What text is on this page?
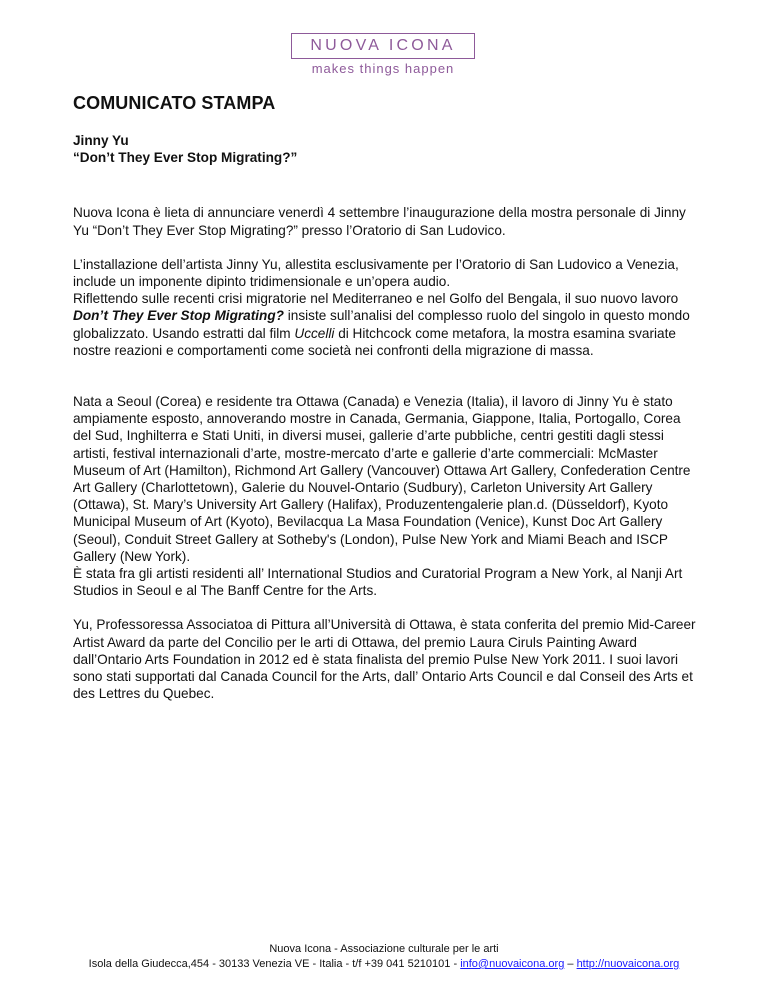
NUOVA ICONA
makes things happen
COMUNICATO STAMPA
Jinny Yu
“Don’t They Ever Stop Migrating?”

Nuova Icona è lieta di annunciare venerdì 4 settembre l’inaugurazione della mostra personale di Jinny Yu “Don’t They Ever Stop Migrating?” presso l’Oratorio di San Ludovico.

L’installazione dell’artista Jinny Yu, allestita esclusivamente per l’Oratorio di San Ludovico a Venezia, include un imponente dipinto tridimensionale e un’opera audio.
Riflettendo sulle recenti crisi migratorie nel Mediterraneo e nel Golfo del Bengala, il suo nuovo lavoro Don’t They Ever Stop Migrating? insiste sull’analisi del complesso ruolo del singolo in questo mondo globalizzato. Usando estratti dal film Uccelli di Hitchcock come metafora, la mostra esamina svariate nostre reazioni e comportamenti come società nei confronti della migrazione di massa.

Nata a Seoul (Corea) e residente tra Ottawa (Canada) e Venezia (Italia), il lavoro di Jinny Yu è stato ampiamente esposto, annoverando mostre in Canada, Germania, Giappone, Italia, Portogallo, Corea del Sud, Inghilterra e Stati Uniti, in diversi musei, gallerie d’arte pubbliche, centri gestiti dagli stessi artisti, festival internazionali d’arte, mostre-mercato d’arte e gallerie d’arte commerciali: McMaster Museum of Art (Hamilton), Richmond Art Gallery (Vancouver) Ottawa Art Gallery, Confederation Centre Art Gallery (Charlottetown), Galerie du Nouvel-Ontario (Sudbury), Carleton University Art Gallery (Ottawa), St. Mary’s University Art Gallery (Halifax), Produzentengalerie plan.d. (Düsseldorf), Kyoto Municipal Museum of Art (Kyoto), Bevilacqua La Masa Foundation (Venice), Kunst Doc Art Gallery (Seoul), Conduit Street Gallery at Sotheby's (London), Pulse New York and Miami Beach and ISCP Gallery (New York).
È stata fra gli artisti residenti all’ International Studios and Curatorial Program a New York, al Nanji Art Studios in Seoul e al The Banff Centre for the Arts.

Yu, Professoressa Associatoa di Pittura all’Università di Ottawa, è stata conferita del premio Mid-Career Artist Award da parte del Concilio per le arti di Ottawa, del premio Laura Ciruls Painting Award dall’Ontario Arts Foundation in 2012 ed è stata finalista del premio Pulse New York 2011. I suoi lavori sono stati supportati dal Canada Council for the Arts, dall’ Ontario Arts Council e dal Conseil des Arts et des Lettres du Quebec.

Nuova Icona - Associazione culturale per le arti
Isola della Giudecca,454 - 30133 Venezia VE - Italia - t/f +39 041 5210101 - info@nuovaicona.org – http://nuovaicona.org
